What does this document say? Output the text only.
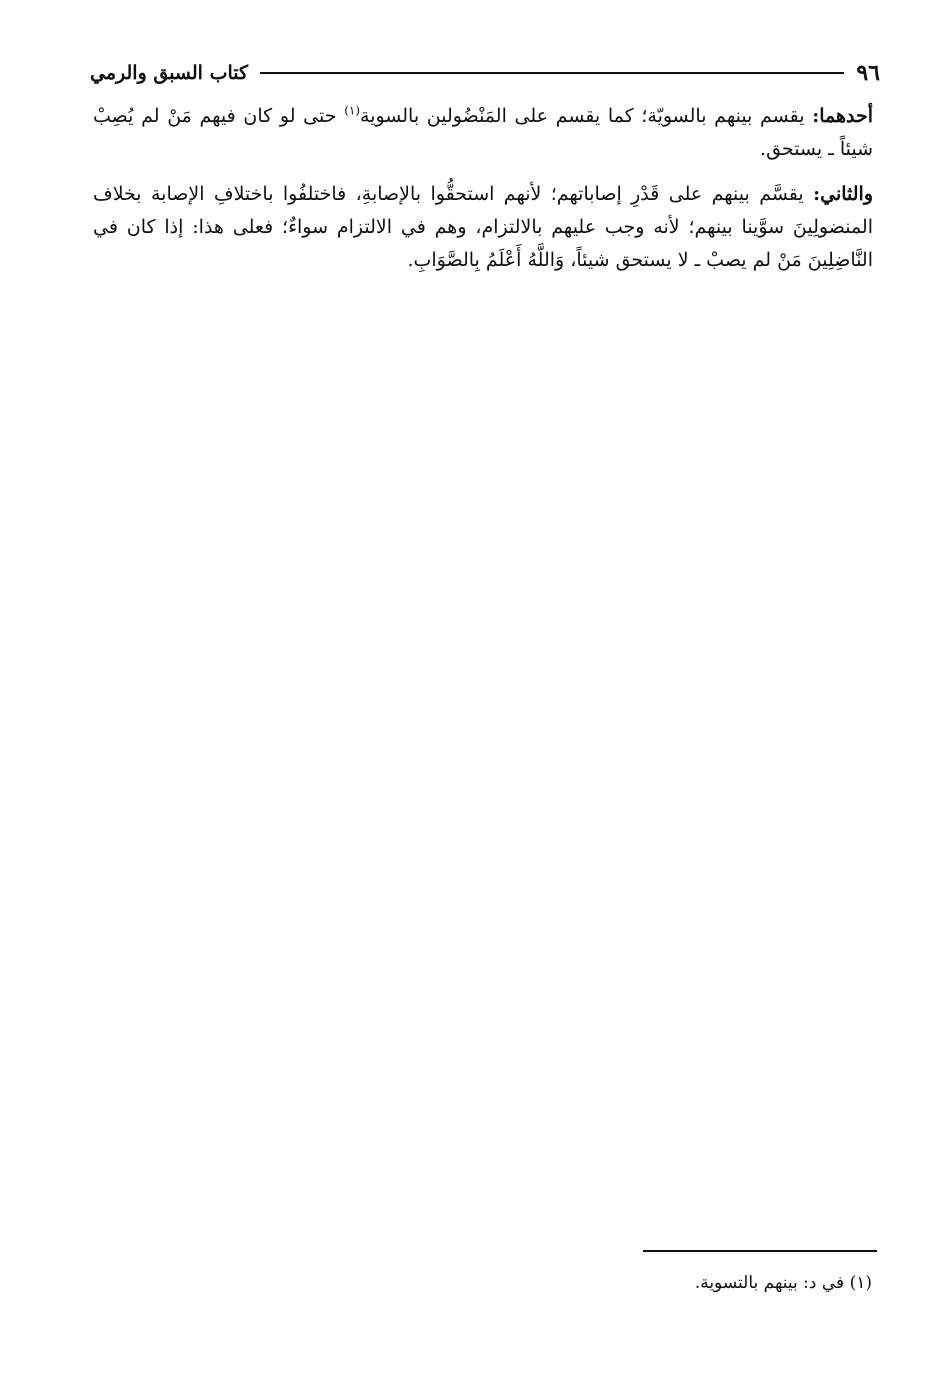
٩٦
كتاب السبق والرمي

أحدهما: يقسم بينهم بالسويّة؛ كما يقسم على المَنْضُولين بالسوية$^{(١)}$ حتى لو كان فيهم مَنْ لم يُصِبْ شيئاً ـ يستحق.

والثاني: يقسَّم بينهم على قَدْرِ إصاباتهم؛ لأنهم استحقُّوا بالإصابةِ، فاختلفُوا باختلافِ الإصابة بخلاف المنضولِينَ سوَّينا بينهم؛ لأنه وجب عليهم بالالتزام، وهم في الالتزام سواءٌ؛ فعلى هذا: إذا كان في النَّاضِلِينَ مَنْ لم يصبْ ـ لا يستحق شيئاً، وَاللَّهُ أَعْلَمُ بِالصَّوَابِ.

(١) في د: بينهم بالتسوية.
